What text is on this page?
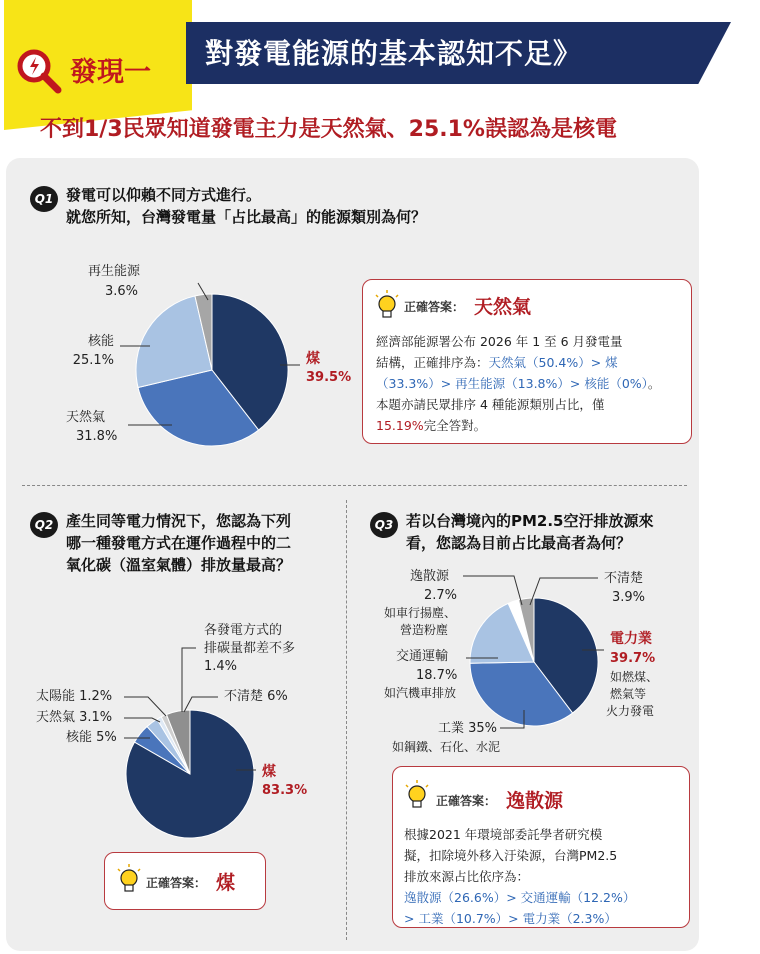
發現一
對發電能源的基本認知不足》
不到1/3民眾知道發電主力是天然氣、25.1%誤認為是核電
Q1 發電可以仰賴不同方式進行。
就您所知，台灣發電量「占比最高」的能源類別為何？
再生能源
3.6%
核能
25.1%
天然氣
31.8%
煤
39.5%
正確答案： 天然氣
經濟部能源署公布 2026 年 1 至 6 月發電量
結構，正確排序為：天然氣（50.4%）> 煤
（33.3%）> 再生能源（13.8%）> 核能（0%）。
本題亦請民眾排序 4 種能源類別占比，僅
15.19%完全答對。
Q2 產生同等電力情況下，您認為下列
哪一種發電方式在運作過程中的二
氧化碳（溫室氣體）排放量最高？
各發電方式的
排碳量都差不多
1.4%
太陽能 1.2%
天然氣 3.1%
核能 5%
不清楚 6%
煤
83.3%
正確答案： 煤
Q3 若以台灣境內的PM2.5空汙排放源來
看，您認為目前占比最高者為何？
逸散源
2.7%
如車行揚塵、
營造粉塵
不清楚
3.9%
電力業
39.7%
如燃煤、
燃氣等
火力發電
交通運輸
18.7%
如汽機車排放
工業 35%
如鋼鐵、石化、水泥
正確答案： 逸散源
根據2021 年環境部委託學者研究模
擬，扣除境外移入汙染源，台灣PM2.5
排放來源占比依序為：
逸散源（26.6%）> 交通運輸（12.2%）
> 工業（10.7%）> 電力業（2.3%）
